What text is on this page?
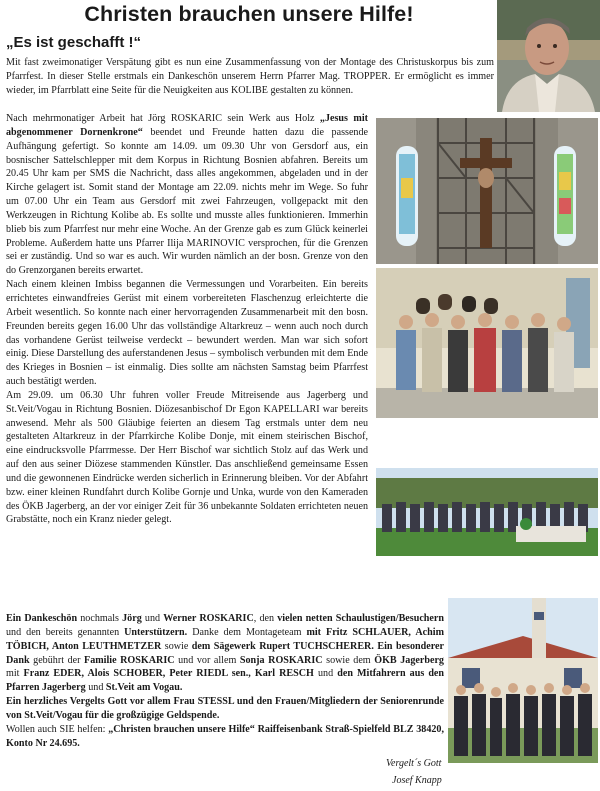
Christen brauchen unsere Hilfe!
„Es ist geschafft !“

Mit fast zweimonatiger Verspätung gibt es nun eine Zusammenfassung von der Montage des Christuskorpus bis zum Pfarrfest. In dieser Stelle erstmals ein Dankeschön unserem Herrn Pfarrer Mag. TROPPER. Er ermöglicht es immer wieder, im Pfarrblatt eine Seite für die Neuigkeiten aus KOLIBE gestalten zu können.

Nach mehrmonatiger Arbeit hat Jörg ROSKARIC sein Werk aus Holz „Jesus mit abgenommener Dornenkrone“ beendet und Freunde hatten dazu die passende Aufhängung gefertigt. So konnte am 14.09. um 09.30 Uhr von Gersdorf aus, ein bosnischer Sattelschlepper mit dem Korpus in Richtung Bosnien abfahren. Bereits um 20.45 Uhr kam per SMS die Nachricht, dass alles angekommen, abgeladen und in der Kirche gelagert ist. Somit stand der Montage am 22.09. nichts mehr im Wege. So fuhr um 07.00 Uhr ein Team aus Gersdorf mit zwei Fahrzeugen, vollgepackt mit den Werkzeugen in Richtung Kolibe ab. Es sollte und musste alles funktionieren. Immerhin blieb bis zum Pfarrfest nur mehr eine Woche. An der Grenze gab es zum Glück keinerlei Probleme. Außerdem hatte uns Pfarrer Ilija MARINOVIC versprochen, für die Grenzen sei er zuständig. Und so war es auch. Wir wurden nämlich an der bosn. Grenze von den do Grenzorganen bereits erwartet.

Nach einem kleinen Imbiss begannen die Vermessungen und Vorarbeiten. Ein bereits errichtetes einwandfreies Gerüst mit einem vorbereiteten Flaschenzug erleichterte die Arbeit wesentlich. So konnte nach einer hervorragenden Zusammenarbeit mit den bosn. Freunden bereits gegen 16.00 Uhr das vollständige Altarkreuz – wenn auch noch durch das vorhandene Gerüst teilweise verdeckt – bewundert werden. Man war sich sofort einig. Diese Darstellung des auferstandenen Jesus – symbolisch verbunden mit dem Ende des Krieges in Bosnien – ist einmalig. Dies sollte am nächsten Samstag beim Pfarrfest auch bestätigt werden.

Am 29.09. um 06.30 Uhr fuhren voller Freude Mitreisende aus Jagerberg und St.Veit/Vogau in Richtung Bosnien. Diözesanbischof Dr Egon KAPELLARI war bereits anwesend. Mehr als 500 Gläubige feierten an diesem Tag erstmals unter dem neu gestalteten Altarkreuz in der Pfarrkirche Kolibe Donje, mit einem steirischen Bischof, eine eindrucksvolle Pfarrmesse. Der Herr Bischof war sichtlich Stolz auf das Werk und auf den aus seiner Diözese stammenden Künstler. Das anschließend gemeinsame Essen und die gewonnenen Eindrücke werden sicherlich in Erinnerung bleiben. Vor der Abfahrt bzw. einer kleinen Rundfahrt durch Kolibe Gornje und Unka, wurde von den Kameraden des ÖKB Jagerberg, an der vor einiger Zeit für 36 unbekannte Soldaten errichteten neuen Grabstätte, noch ein Kranz nieder gelegt.

Ein Dankeschön nochmals Jörg und Werner ROSKARIC, den vielen netten Schaulustigen/Besuchern und den bereits genannten Unterstützern. Danke dem Montageteam mit Fritz SCHLAUER, Achim TÖBICH, Anton LEUTHMETZER sowie dem Sägewerk Rupert TUCHSCHERER. Ein besonderer Dank gebührt der Familie ROSKARIC und vor allem Sonja ROSKARIC sowie dem ÖKB Jagerberg mit Franz EDER, Alois SCHOBER, Peter RIEDL sen., Karl RESCH und den Mitfahrern aus den Pfarren Jagerberg und St.Veit am Vogau.

Ein herzliches Vergelts Gott vor allem Frau STESSL und den Frauen/Mitgliedern der Seniorenrunde von St.Veit/Vogau für die großzügige Geldspende.

Wollen auch SIE helfen: „Christen brauchen unsere Hilfe“ Raiffeisenbank Straß-Spielfeld BLZ 38420, Konto Nr 24.695.

Vergelt´s Gott
Josef Knapp
